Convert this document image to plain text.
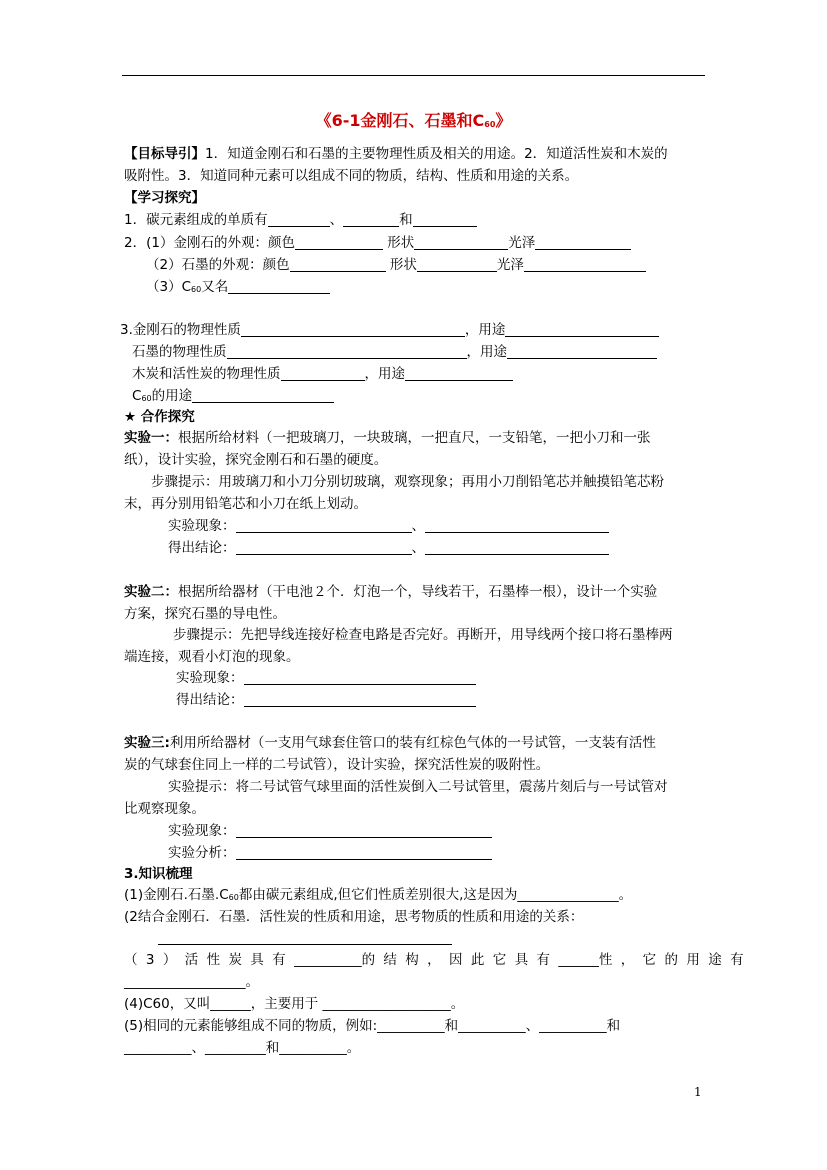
《6-1金刚石、石墨和$C_{60}$》
【目标导引】1．知道金刚石和石墨的主要物理性质及相关的用途。2．知道活性炭和木炭的
吸附性。3．知道同种元素可以组成不同的物质，结构、性质和用途的关系。
【学习探究】
1．碳元素组成的单质有	、	和
2．(1）金刚石的外观：颜色	形状	光泽
（2）石墨的外观：颜色	形状	光泽
$(3)C_{60}$又名
3.金刚石的物理性质	，用途
石墨的物理性质	，用途
木炭和活性炭的物理性质	，用途
$C_{60}$的用途
★ 合作探究
实验一：根据所给材料（一把玻璃刀，一块玻璃，一把直尺，一支铅笔，一把小刀和一张
纸），设计实验，探究金刚石和石墨的硬度。
步骤提示：用玻璃刀和小刀分别切玻璃，观察现象；再用小刀削铅笔芯并触摸铅笔芯粉
末，再分别用铅笔芯和小刀在纸上划动。
实验现象：	、
得出结论：	、
实验二：根据所给器材（干电池２个．灯泡一个，导线若干，石墨棒一根），设计一个实验
方案，探究石墨的导电性。
步骤提示：先把导线连接好检查电路是否完好。再断开，用导线两个接口将石墨棒两
端连接，观看小灯泡的现象。
实验现象：
得出结论：
实验三:利用所给器材（一支用气球套住管口的装有红棕色气体的一号试管，一支装有活性
炭的气球套住同上一样的二号试管），设计实验，探究活性炭的吸附性。
实验提示：将二号试管气球里面的活性炭倒入二号试管里，震荡片刻后与一号试管对
比观察现象。
实验现象：
实验分析：
3.知识梳理
(1)金刚石.石墨$.C_{60}$都由碳元素组成,但它们性质差别很大,这是因为_______________。
(2结合金刚石．石墨．活性炭的性质和用途，思考物质的性质和用途的关系：
（3）活性炭具有__________的结构，因此它具有______性，它的用途有
__________________。
(4)C60，又叫______，主要用于 ___________________。
(5)相同的元素能够组成不同的物质，例如:__________和__________、__________和
__________、_________和__________。
1
